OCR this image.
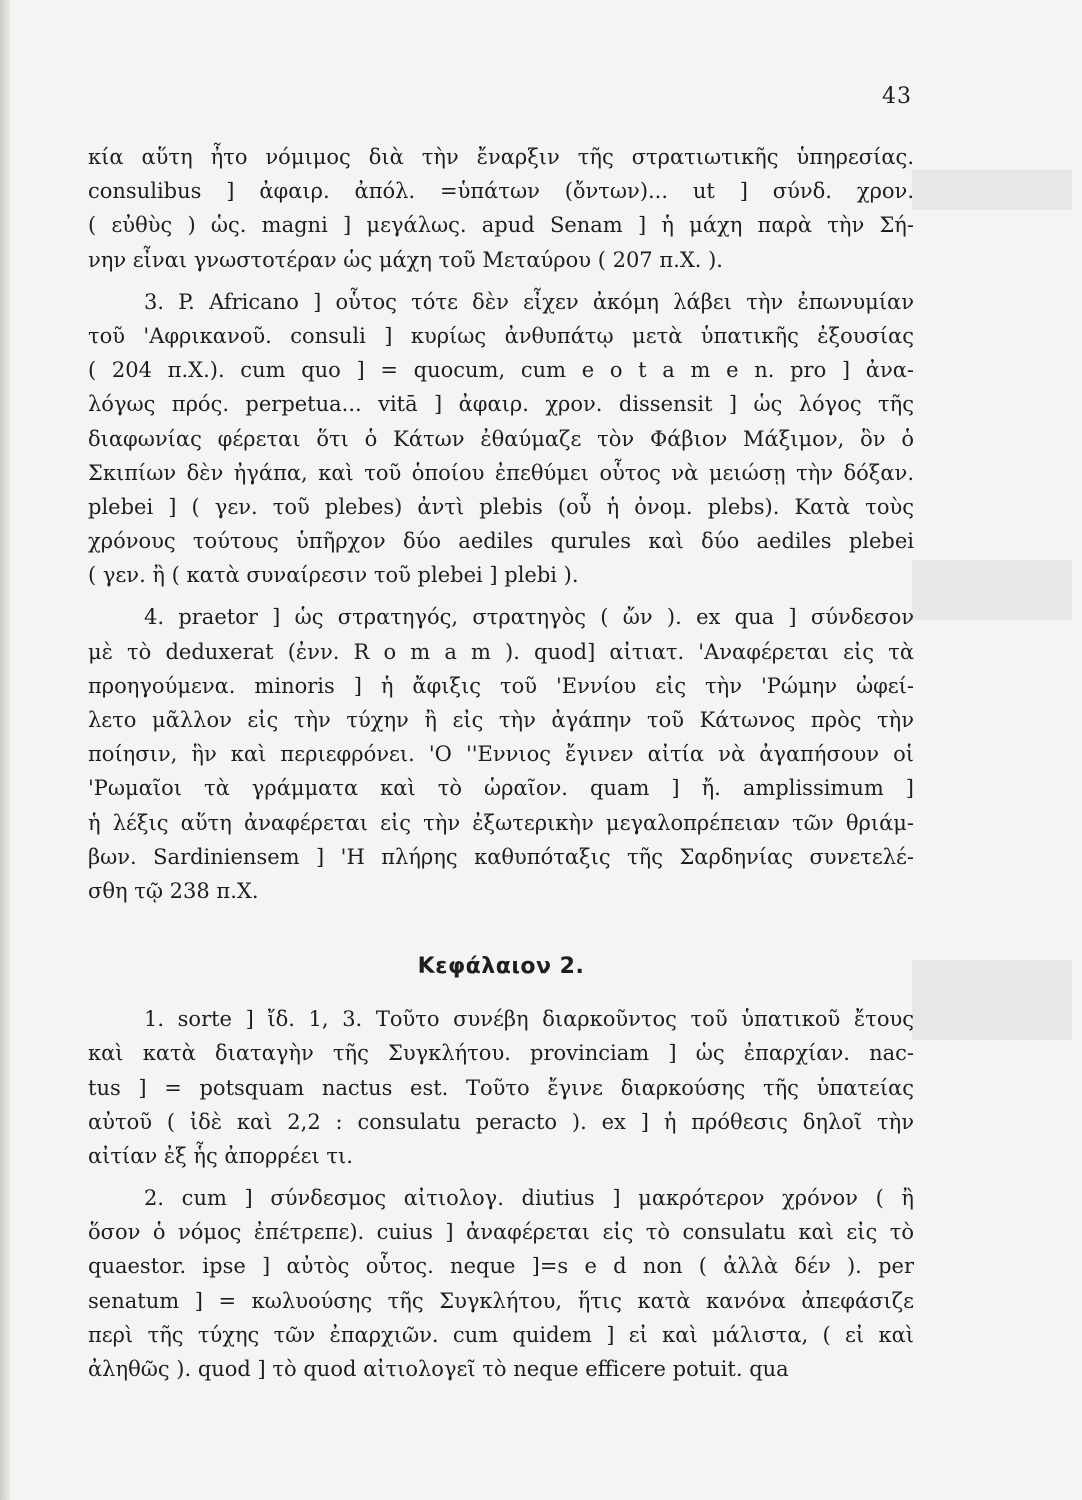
43
κία αὕτη ἦτο νόμιμος διὰ τὴν ἔναρξιν τῆς στρατιωτικῆς ὑπηρεσίας.
consulibus ] ἀφαιρ. ἀπόλ. =ὑπάτων (ὄντων)... ut ] σύνδ. χρον.
( εὐθὺς ) ὡς. magni ] μεγάλως. apud Senam ] ἡ μάχη παρὰ τὴν Σή-
νην εἶναι γνωστοτέραν ὡς μάχη τοῦ Μεταύρου ( 207 π.Χ. ).
3. P. Africano ] οὗτος τότε δὲν εἶχεν ἀκόμη λάβει τὴν ἐπωνυμίαν
τοῦ 'Αφρικανοῦ. consuli ] κυρίως ἀνθυπάτῳ μετὰ ὑπατικῆς ἐξουσίας
( 204 π.Χ.). cum quo ] = quocum, cum e o t a m e n. pro ] ἀνα-
λόγως πρός. perpetua... vitā ] ἀφαιρ. χρον. dissensit ] ὡς λόγος τῆς
διαφωνίας φέρεται ὅτι ὁ Κάτων ἐθαύμαζε τὸν Φάβιον Μάξιμον, ὃν ὁ
Σκιπίων δὲν ἠγάπα, καὶ τοῦ ὁποίου ἐπεθύμει οὗτος νὰ μειώσῃ τὴν δόξαν.
plebei ] ( γεν. τοῦ plebes) ἀντὶ plebis (οὗ ἡ ὀνομ. plebs). Κατὰ τοὺς
χρόνους τούτους ὑπῆρχον δύο aediles qurules καὶ δύο aediles plebei
( γεν. ἢ ( κατὰ συναίρεσιν τοῦ plebei ] plebi ).
4. praetor ] ὡς στρατηγός, στρατηγὸς ( ὤν ). ex qua ] σύνδεσον
μὲ τὸ deduxerat (ἐνν. R o m a m ). quod] αἰτιατ. 'Αναφέρεται εἰς τὰ
προηγούμενα. minoris ] ἡ ἄφιξις τοῦ 'Εννίου εἰς τὴν 'Ρώμην ὠφεί-
λετο μᾶλλον εἰς τὴν τύχην ἢ εἰς τὴν ἀγάπην τοῦ Κάτωνος πρὸς τὴν
ποίησιν, ἣν καὶ περιεφρόνει. 'Ο ''Εννιος ἔγινεν αἰτία νὰ ἀγαπήσουν οἱ
'Ρωμαῖοι τὰ γράμματα καὶ τὸ ὡραῖον. quam ] ἤ. amplissimum ]
ἡ λέξις αὕτη ἀναφέρεται εἰς τὴν ἐξωτερικὴν μεγαλοπρέπειαν τῶν θριάμ-
βων. Sardiniensem ] 'Η πλήρης καθυπόταξις τῆς Σαρδηνίας συνετελέ-
σθη τῷ 238 π.Χ.
Κεφάλαιον 2.
1. sorte ] ἴδ. 1, 3. Τοῦτο συνέβη διαρκοῦντος τοῦ ὑπατικοῦ ἔτους
καὶ κατὰ διαταγὴν τῆς Συγκλήτου. provinciam ] ὡς ἐπαρχίαν. nac-
tus ] = potsquam nactus est. Τοῦτο ἔγινε διαρκούσης τῆς ὑπατείας
αὐτοῦ ( ἰδὲ καὶ 2,2 : consulatu peracto ). ex ] ἡ πρόθεσις δηλοῖ τὴν
αἰτίαν ἐξ ἧς ἀπορρέει τι.
2. cum ] σύνδεσμος αἰτιολογ. diutius ] μακρότερον χρόνον ( ἢ
ὅσον ὁ νόμος ἐπέτρεπε). cuius ] ἀναφέρεται εἰς τὸ consulatu καὶ εἰς τὸ
quaestor. ipse ] αὐτὸς οὗτος. neque ]=s e d non ( ἀλλὰ δέν ). per
senatum ] = κωλυούσης τῆς Συγκλήτου, ἥτις κατὰ κανόνα ἀπεφάσιζε
περὶ τῆς τύχης τῶν ἐπαρχιῶν. cum quidem ] εἰ καὶ μάλιστα, ( εἰ καὶ
ἀληθῶς ). quod ] τὸ quod αἰτιολογεῖ τὸ neque efficere potuit. qua
